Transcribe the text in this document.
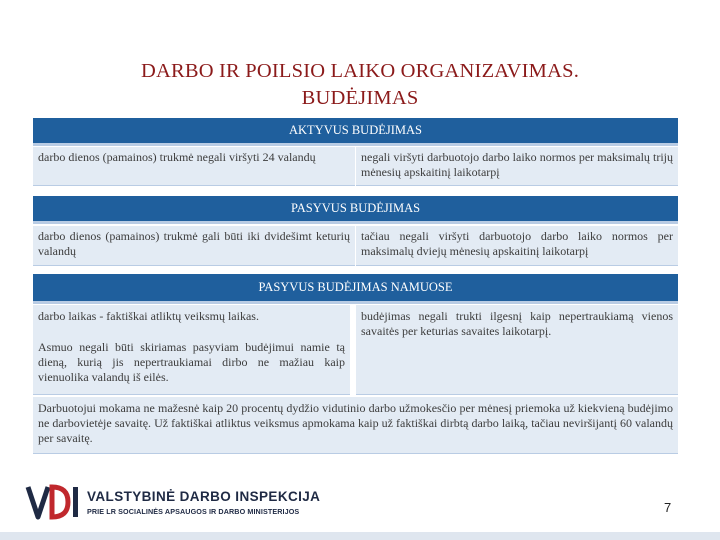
DARBO IR POILSIO LAIKO ORGANIZAVIMAS.
BUDĖJIMAS
AKTYVUS BUDĖJIMAS

darbo dienos (pamainos) trukmė negali viršyti 24 valandų	negali viršyti darbuotojo darbo laiko normos per maksimalų trijų mėnesių apskaitinį laikotarpį

PASYVUS BUDĖJIMAS

darbo dienos (pamainos) trukmė gali būti iki dvidešimt keturių valandų

tačiau negali viršyti darbuotojo darbo laiko normos per maksimalų dviejų mėnesių apskaitinį laikotarpį

PASYVUS BUDĖJIMAS NAMUOSE

darbo laikas - faktiškai atliktų veiksmų laikas.

Asmuo negali būti skiriamas pasyviam budėjimui namie tą dieną, kurią jis nepertraukiamai dirbo ne mažiau kaip vienuolika valandų iš eilės.

budėjimas negali trukti ilgesnį kaip nepertraukiamą vienos savaitės per keturias savaites laikotarpį.

Darbuotojui mokama ne mažesnė kaip 20 procentų dydžio vidutinio darbo užmokesčio per mėnesį priemoka už kiekvieną budėjimo ne darbovietėje savaitę. Už faktiškai atliktus veiksmus apmokama kaip už faktiškai dirbtą darbo laiką, tačiau neviršijantį 60 valandų per savaitę.

VALSTYBINĖ DARBO INSPEKCIJA
PRIE LR SOCIALINĖS APSAUGOS IR DARBO MINISTERIJOS	7
